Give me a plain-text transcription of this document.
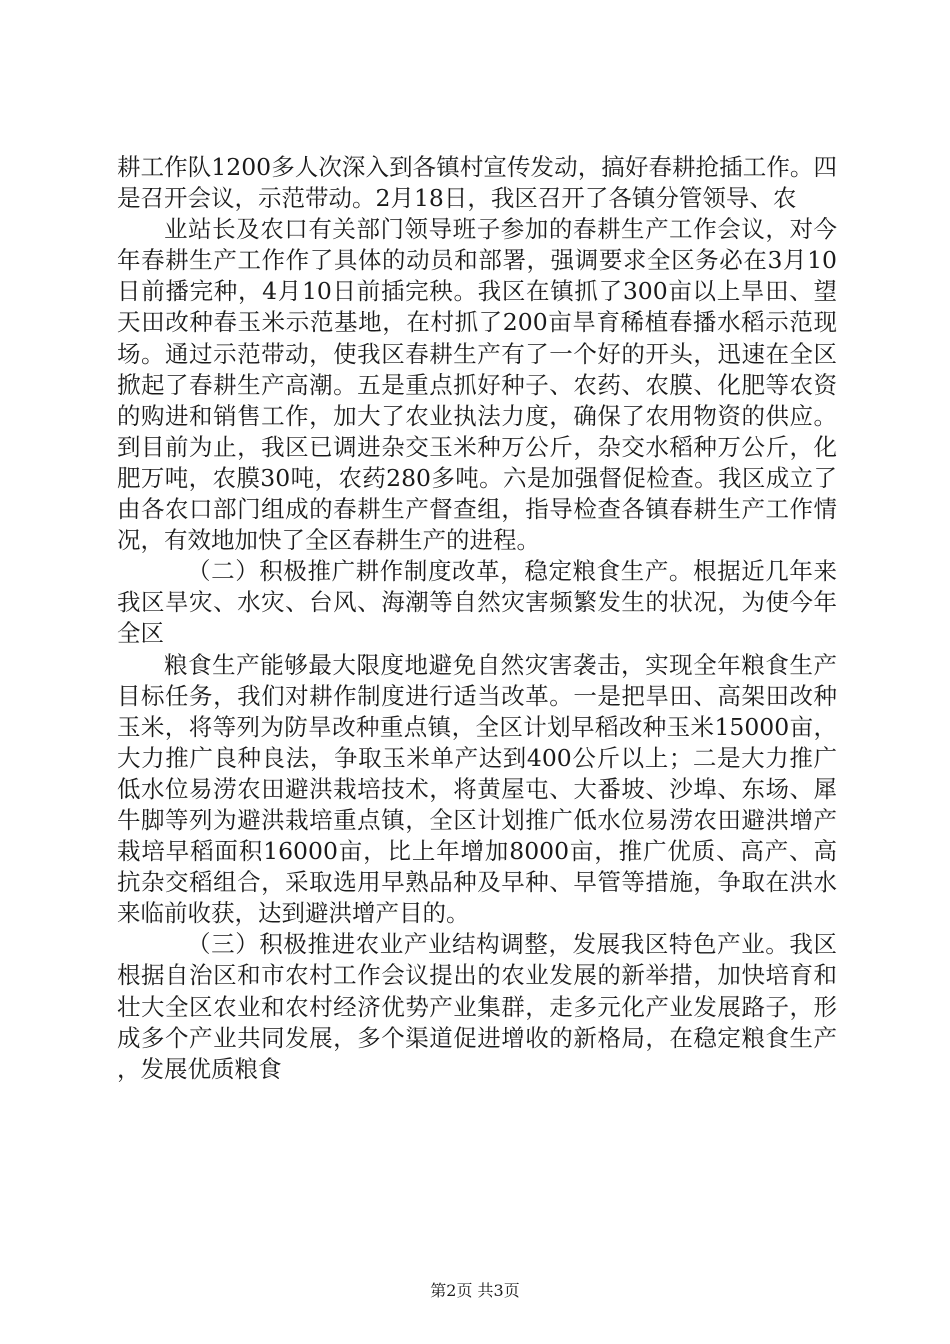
耕工作队1200多人次深入到各镇村宣传发动，搞好春耕抢插工作。四是召开会议，示范带动。2月18日，我区召开了各镇分管领导、农

业站长及农口有关部门领导班子参加的春耕生产工作会议，对今年春耕生产工作作了具体的动员和部署，强调要求全区务必在3月10日前播完种，4月10日前插完秧。我区在镇抓了300亩以上旱田、望天田改种春玉米示范基地，在村抓了200亩旱育稀植春播水稻示范现场。通过示范带动，使我区春耕生产有了一个好的开头，迅速在全区掀起了春耕生产高潮。五是重点抓好种子、农药、农膜、化肥等农资的购进和销售工作，加大了农业执法力度，确保了农用物资的供应。到目前为止，我区已调进杂交玉米种万公斤，杂交水稻种万公斤，化肥万吨，农膜30吨，农药280多吨。六是加强督促检查。我区成立了由各农口部门组成的春耕生产督查组，指导检查各镇春耕生产工作情况，有效地加快了全区春耕生产的进程。

（二）积极推广耕作制度改革，稳定粮食生产。根据近几年来我区旱灾、水灾、台风、海潮等自然灾害频繁发生的状况，为使今年全区

粮食生产能够最大限度地避免自然灾害袭击，实现全年粮食生产目标任务，我们对耕作制度进行适当改革。一是把旱田、高架田改种玉米，将等列为防旱改种重点镇，全区计划早稻改种玉米15000亩，大力推广良种良法，争取玉米单产达到400公斤以上；二是大力推广低水位易涝农田避洪栽培技术，将黄屋屯、大番坡、沙埠、东场、犀牛脚等列为避洪栽培重点镇，全区计划推广低水位易涝农田避洪增产栽培早稻面积16000亩，比上年增加8000亩，推广优质、高产、高抗杂交稻组合，采取选用早熟品种及早种、早管等措施，争取在洪水来临前收获，达到避洪增产目的。

（三）积极推进农业产业结构调整，发展我区特色产业。我区根据自治区和市农村工作会议提出的农业发展的新举措，加快培育和壮大全区农业和农村经济优势产业集群，走多元化产业发展路子，形成多个产业共同发展，多个渠道促进增收的新格局，在稳定粮食生产，发展优质粮食

第2页 共3页
